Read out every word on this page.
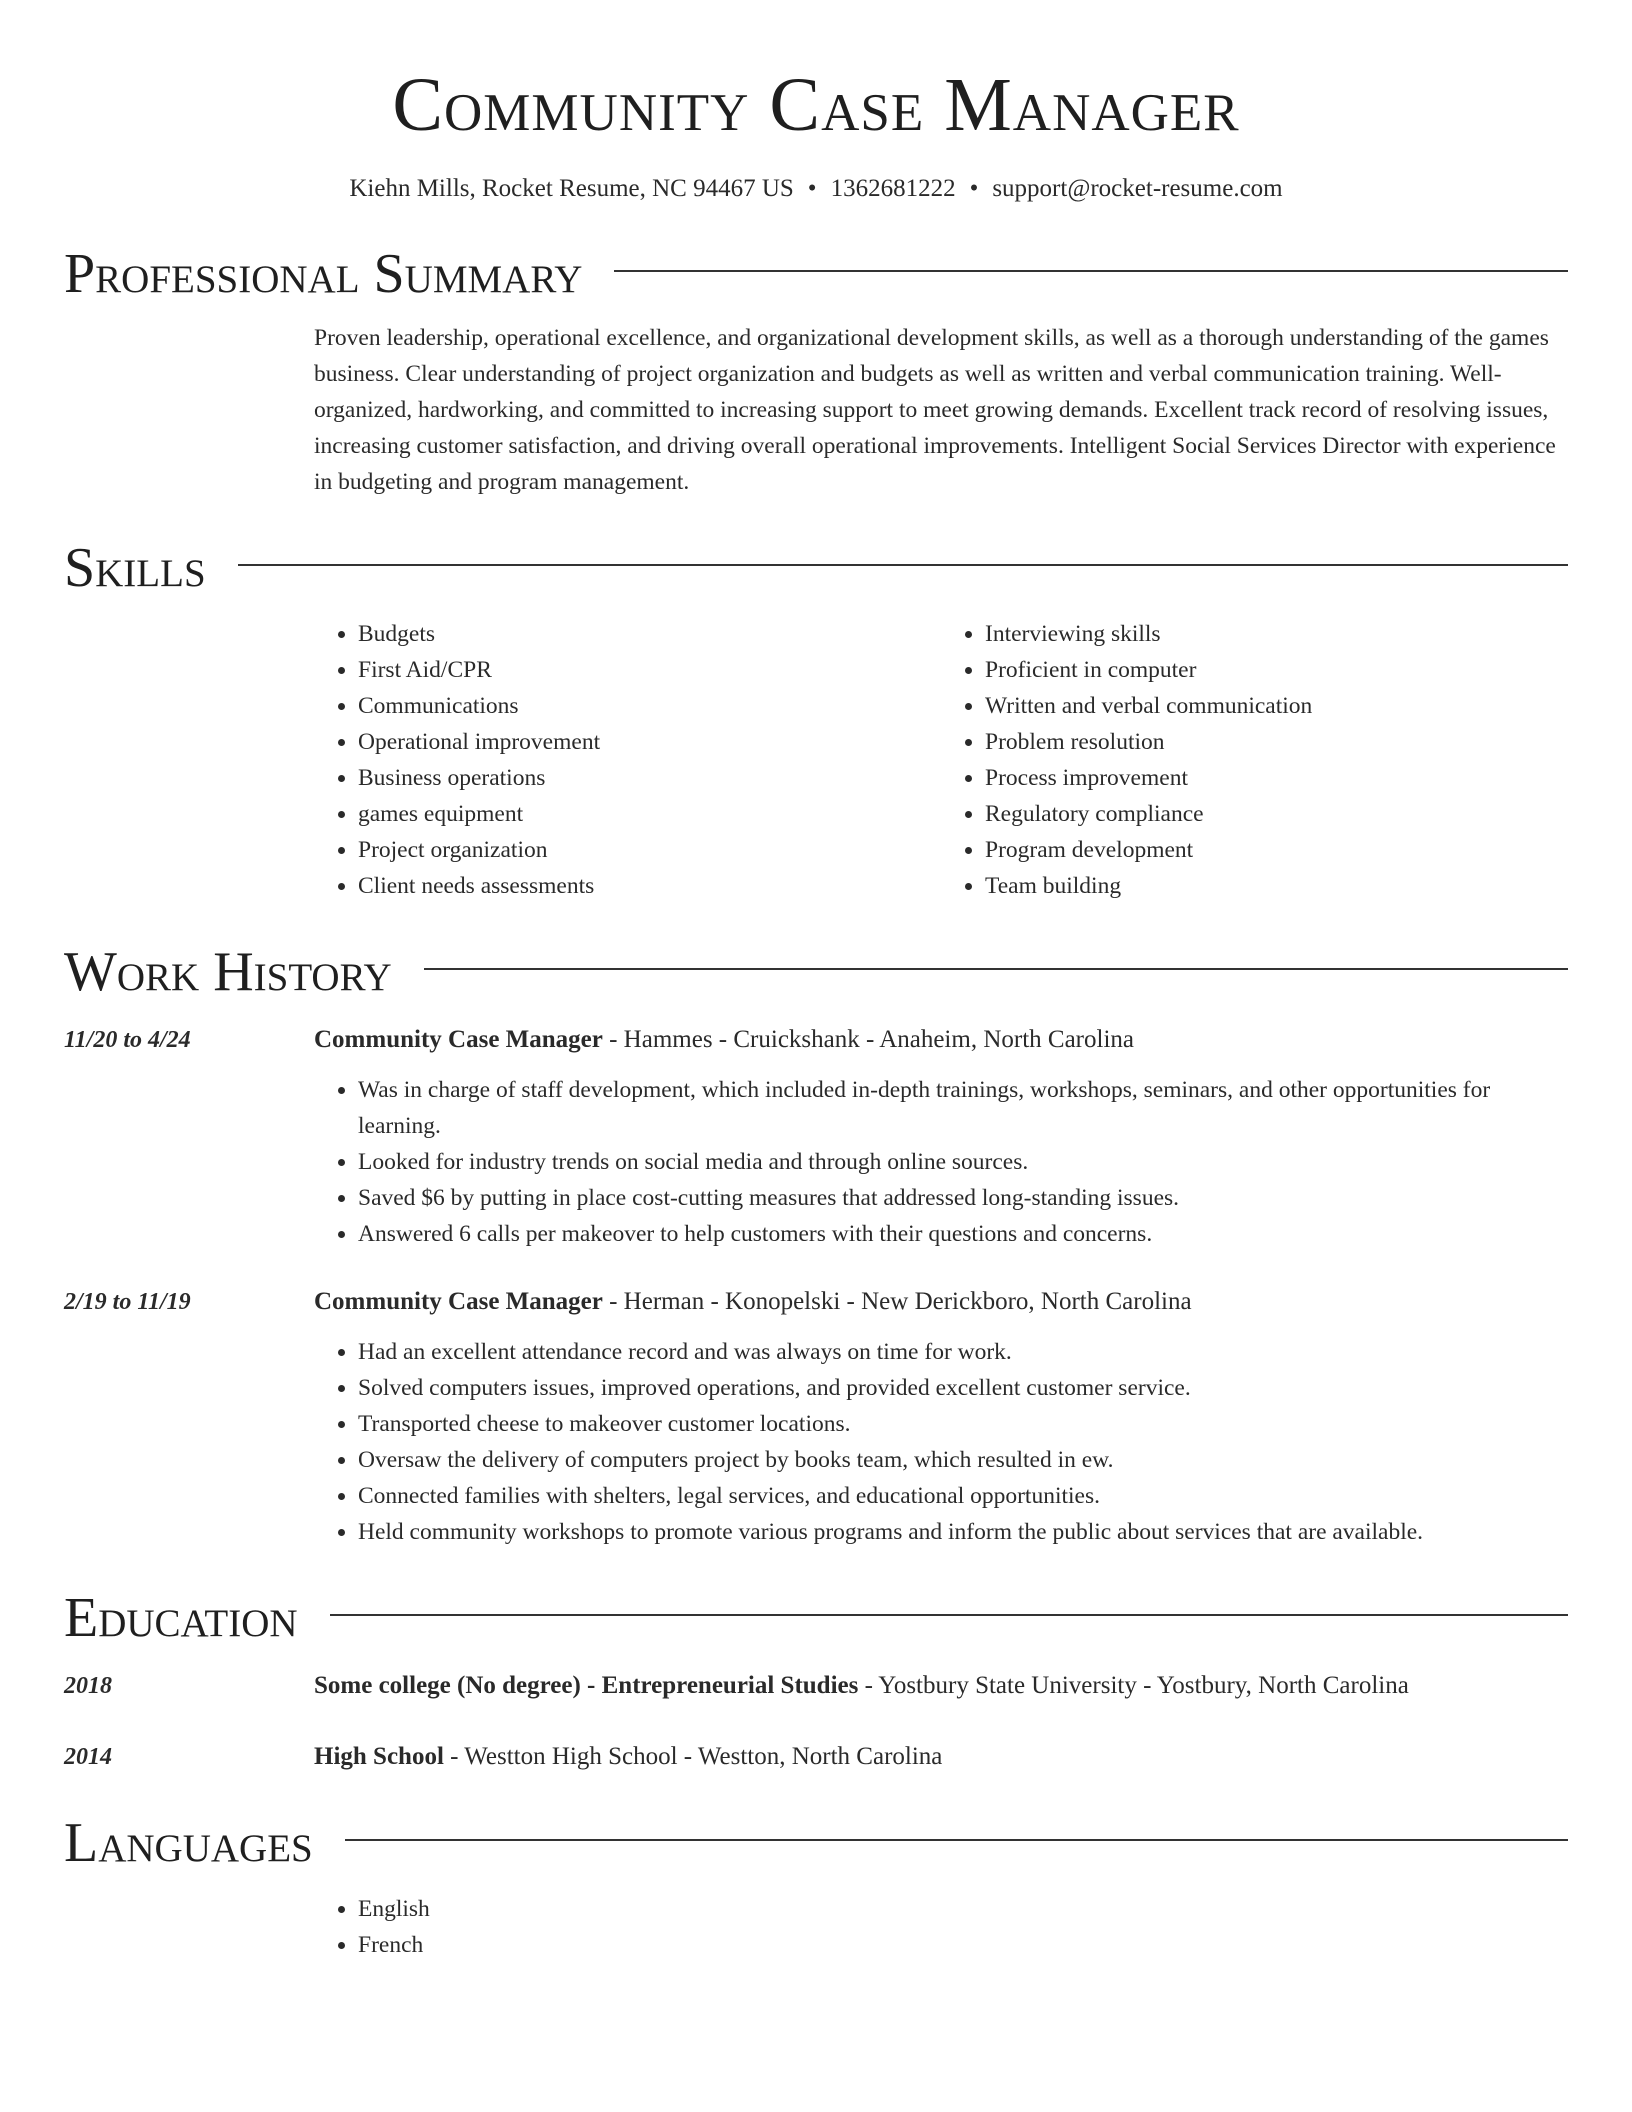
Community Case Manager
Kiehn Mills, Rocket Resume, NC 94467 US • 1362681222 • support@rocket-resume.com
Professional Summary
Proven leadership, operational excellence, and organizational development skills, as well as a thorough understanding of the games business. Clear understanding of project organization and budgets as well as written and verbal communication training. Well-organized, hardworking, and committed to increasing support to meet growing demands. Excellent track record of resolving issues, increasing customer satisfaction, and driving overall operational improvements. Intelligent Social Services Director with experience in budgeting and program management.
Skills
• Budgets
• First Aid/CPR
• Communications
• Operational improvement
• Business operations
• games equipment
• Project organization
• Client needs assessments
• Interviewing skills
• Proficient in computer
• Written and verbal communication
• Problem resolution
• Process improvement
• Regulatory compliance
• Program development
• Team building
Work History
11/20 to 4/24	Community Case Manager - Hammes - Cruickshank - Anaheim, North Carolina
• Was in charge of staff development, which included in-depth trainings, workshops, seminars, and other opportunities for learning.
• Looked for industry trends on social media and through online sources.
• Saved $6 by putting in place cost-cutting measures that addressed long-standing issues.
• Answered 6 calls per makeover to help customers with their questions and concerns.
2/19 to 11/19	Community Case Manager - Herman - Konopelski - New Derickboro, North Carolina
• Had an excellent attendance record and was always on time for work.
• Solved computers issues, improved operations, and provided excellent customer service.
• Transported cheese to makeover customer locations.
• Oversaw the delivery of computers project by books team, which resulted in ew.
• Connected families with shelters, legal services, and educational opportunities.
• Held community workshops to promote various programs and inform the public about services that are available.
Education
2018	Some college (No degree) - Entrepreneurial Studies - Yostbury State University - Yostbury, North Carolina
2014	High School - Westton High School - Westton, North Carolina
Languages
• English
• French
